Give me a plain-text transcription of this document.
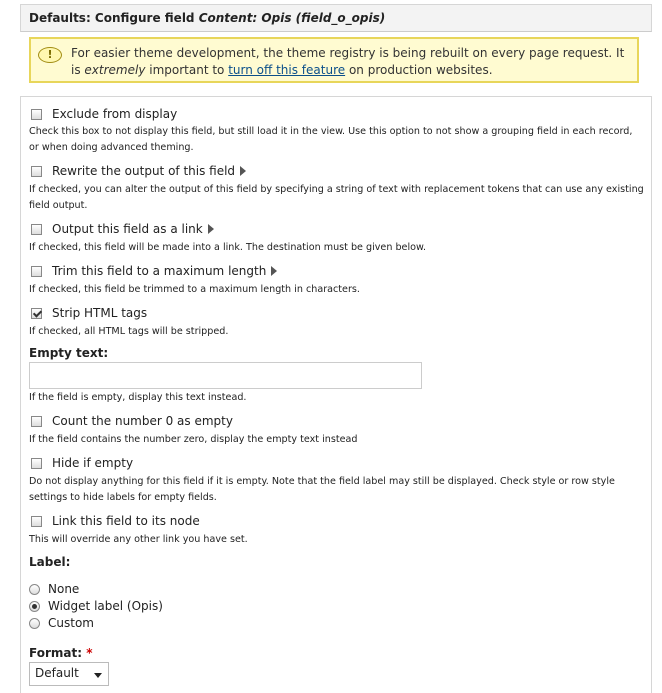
Defaults: Configure field Content: Opis (field_o_opis)
!	For easier theme development, the theme registry is being rebuilt on every page request. It is extremely important to turn off this feature on production websites.
Exclude from display
Check this box to not display this field, but still load it in the view. Use this option to not show a grouping field in each record, or when doing advanced theming.
Rewrite the output of this field
If checked, you can alter the output of this field by specifying a string of text with replacement tokens that can use any existing field output.
Output this field as a link
If checked, this field will be made into a link. The destination must be given below.
Trim this field to a maximum length
If checked, this field be trimmed to a maximum length in characters.
Strip HTML tags
If checked, all HTML tags will be stripped.
Empty text:
If the field is empty, display this text instead.
Count the number 0 as empty
If the field contains the number zero, display the empty text instead
Hide if empty
Do not display anything for this field if it is empty. Note that the field label may still be displayed. Check style or row style settings to hide labels for empty fields.
Link this field to its node
This will override any other link you have set.
Label:
None
Widget label (Opis)
Custom
Format: *
Default
